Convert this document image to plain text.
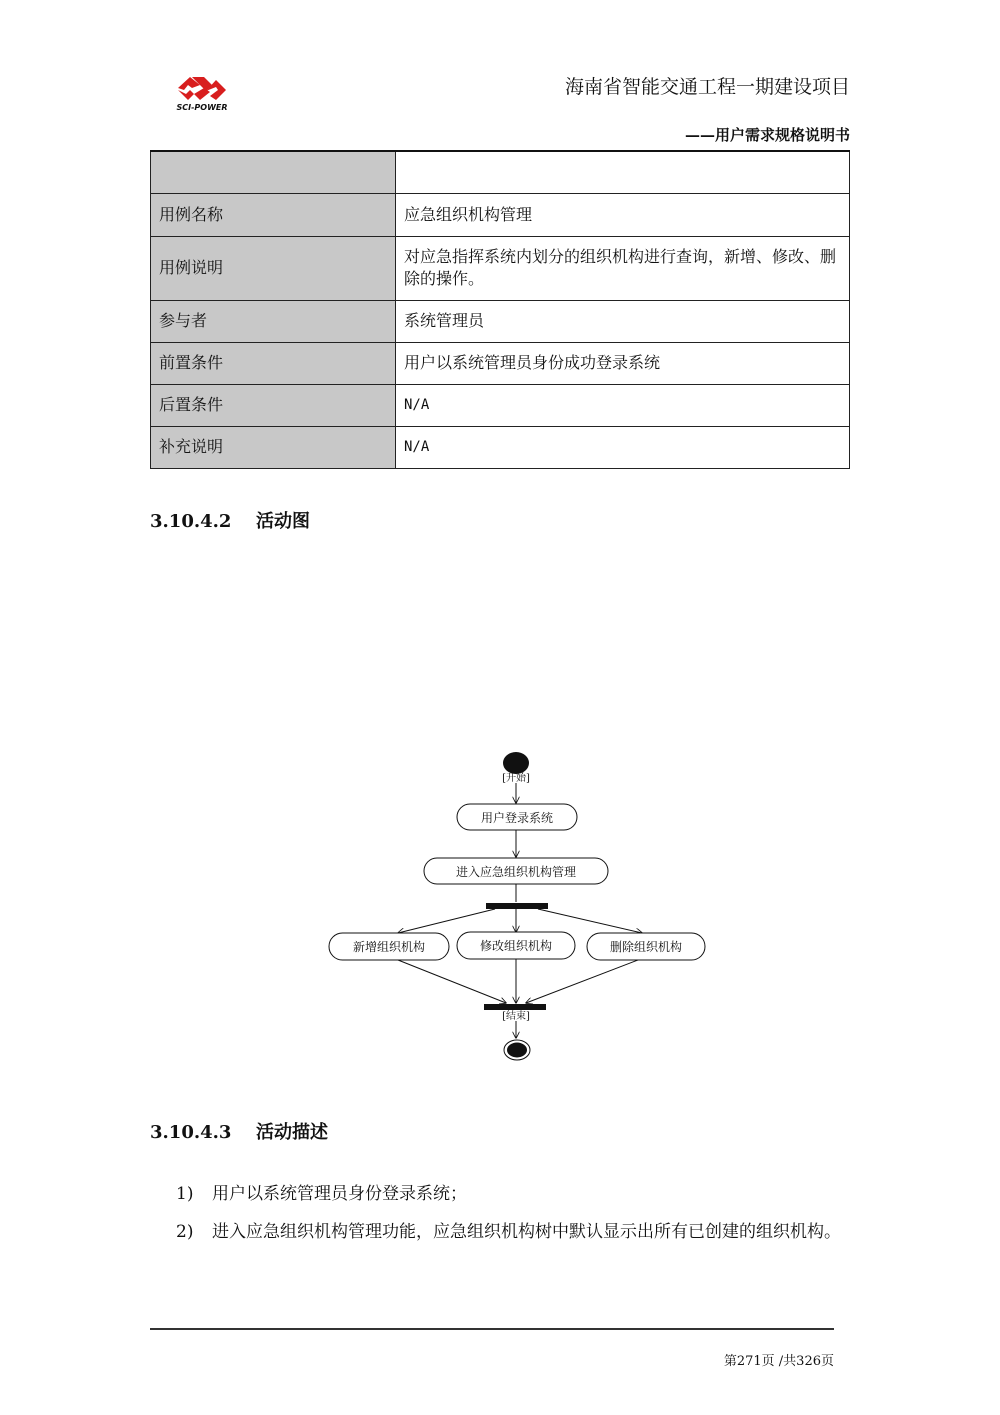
SCI-POWER
海南省智能交通工程一期建设项目
——用户需求规格说明书

用例名称	应急组织机构管理
用例说明	对应急指挥系统内划分的组织机构进行查询，新增、修改、删除的操作。
参与者	系统管理员
前置条件	用户以系统管理员身份成功登录系统
后置条件	N/A
补充说明	N/A
3.10.4.2 活动图
[开始]
用户登录系统
进入应急组织机构管理
新增组织机构	修改组织机构	删除组织机构
[结束]
3.10.4.3 活动描述
1) 用户以系统管理员身份登录系统；
2)	进入应急组织机构管理功能，应急组织机构树中默认显示出所有已创建的组织机构。
第271页 /共326页
